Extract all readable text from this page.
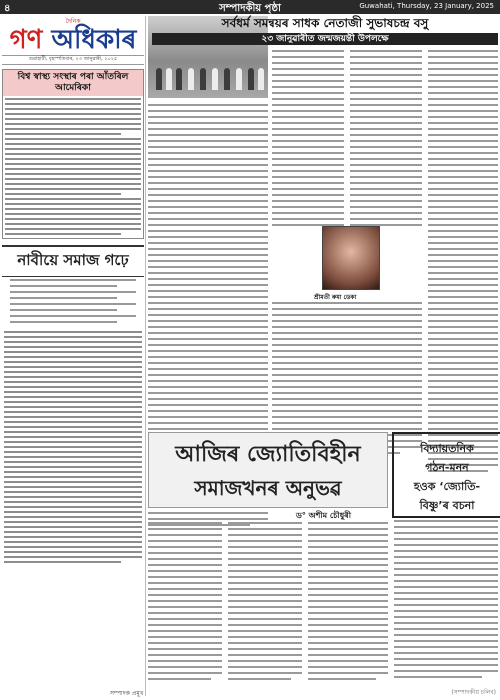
৪	সম্পাদকীয় পৃষ্ঠা	Guwahati, Thursday, 23 January, 2025
দৈনিক
গণ অধিকাৰ
গুৱাহাটী, বৃহস্পতিবাৰ, ২৩ জানুৱাৰী, ২০২৫
বিশ্ব স্বাস্থ্য সংস্থাৰ পৰা আঁতৰিল আমেৰিকা
নাবীয়ে সমাজ গঢ়ে
সৰ্বধৰ্ম সমন্বয়ৰ সাধক নেতাজী সুভাষচন্দ্ৰ বসু
২৩ জানুৱাৰীত জন্মজয়ন্তী উপলক্ষে
শ্ৰীমতী ৰুমা ডেকা
আজিৰ জ্যোতিবিহীন
সমাজখনৰ অনুভৱ
ড° অশীম চৌধুৰী
বিদ্যায়তনিক
গঠন-মনন
হওক ‘জ্যোতি-
বিষ্ণু’ৰ বচনা
(সম্পাদকীয় চলিব)
সম্পাদক প্ৰমুখ
